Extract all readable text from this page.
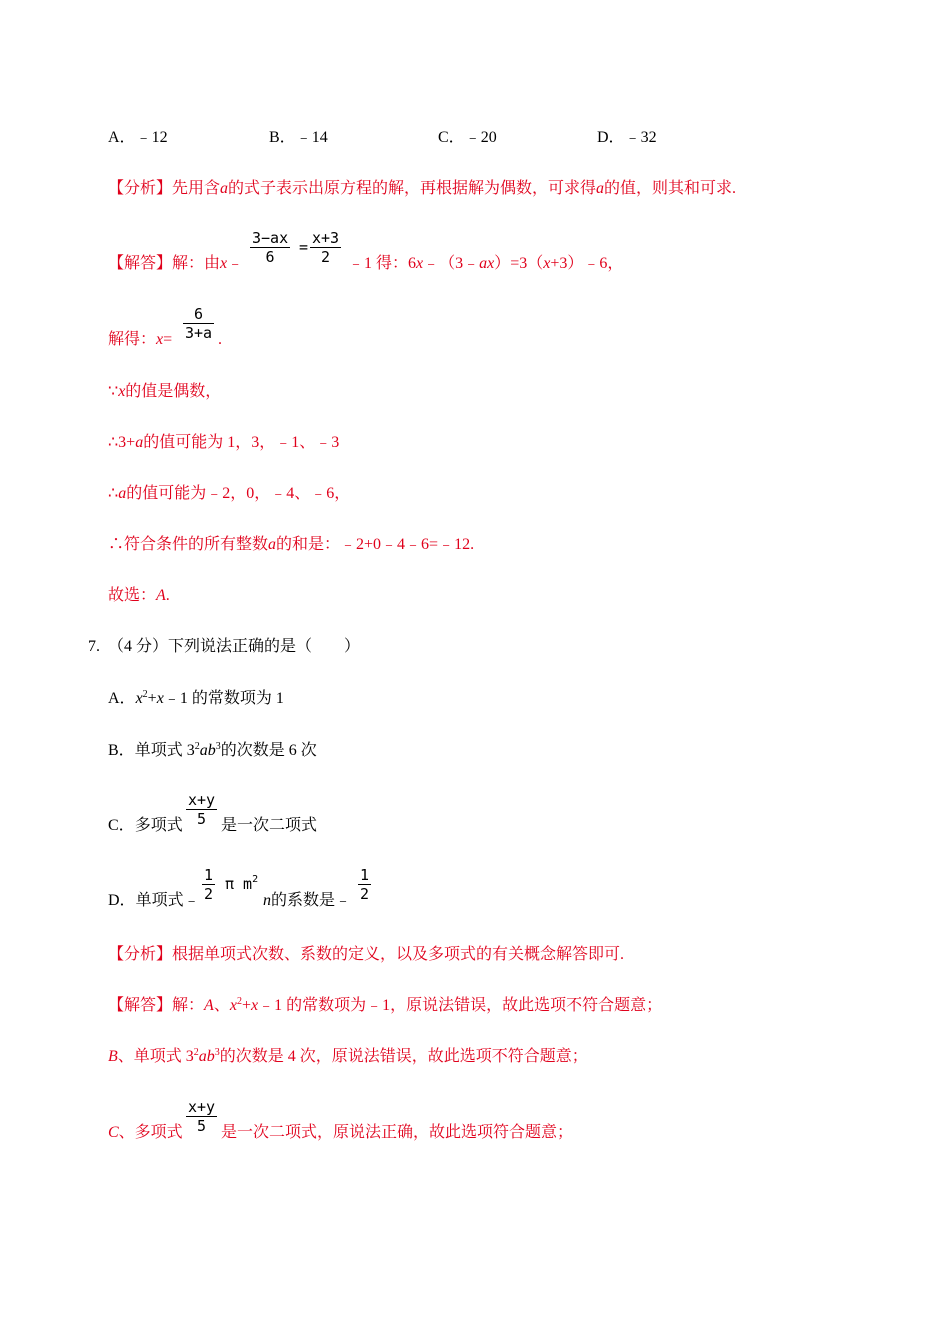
A．﹣12	B．﹣14	C．﹣20	D．﹣32
【分析】先用含a的式子表示出原方程的解，再根据解为偶数，可求得a的值，则其和可求.
【解答】解：由x﹣ $\frac{3-ax}{6} = \frac{x+3}{2}$ ﹣1 得：6x﹣（3﹣ax）=3（x+3）﹣6，
解得：$x= \frac{6}{3+a}$ .
∵x的值是偶数，
∴3+a的值可能为 1，3，﹣1、﹣3
∴a的值可能为﹣2，0，﹣4、﹣6，
∴符合条件的所有整数a的和是：﹣2+0﹣4﹣6=﹣12.
故选：A.
7. （4 分）下列说法正确的是（　　）
A．$x^2+x﹣1$ 的常数项为 1
B．单项式 $3^2ab^3$的次数是 6 次
C．多项式 $\frac{x+y}{5}$ 是一次二项式
D．单项式﹣ $\frac{1}{2}$ π $m^2$
n的系数是﹣ $\frac{1}{2}$
【分析】根据单项式次数、系数的定义，以及多项式的有关概念解答即可.
【解答】解：A、$x^2+x﹣1$ 的常数项为﹣1，原说法错误，故此选项不符合题意；
B、单项式 $3^2ab^3$的次数是 4 次，原说法错误，故此选项不符合题意；
C、多项式 $\frac{x+y}{5}$ 是一次二项式，原说法正确，故此选项符合题意；
